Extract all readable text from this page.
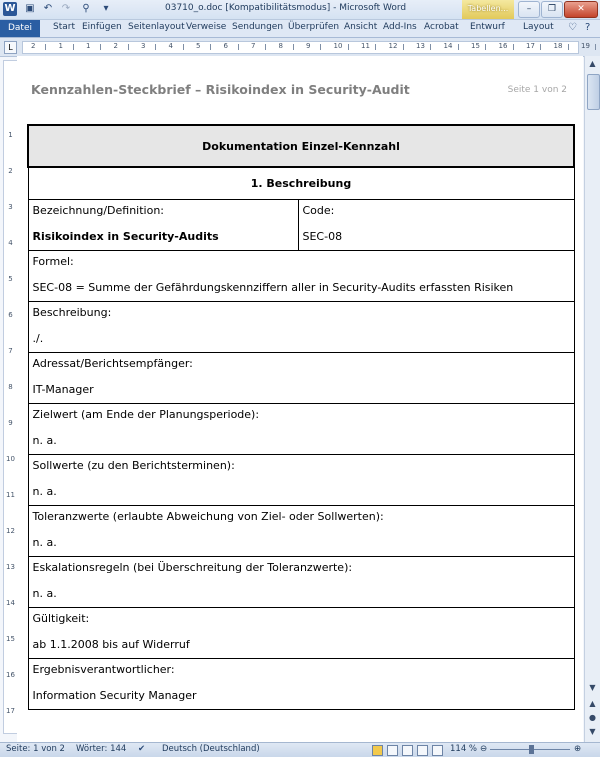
W ▣ ↶ ↷ ⚲	▾	03710_o.doc [Kompatibilitätsmodus] - Microsoft Word	Tabellen...	–	❐	✕
Datei	Start Einfügen Seitenlayout Verweise Sendungen Überprüfen Ansicht Add-Ins Acrobat Entwurf Layout ♡ ?
L	2	1	1	2	3	4	5	6	7	8	9	10	11	12	13	14	15	16	17	18	19
1
2
3
4
5
6
7
8
9
10
11
12
13
14
15
16
17
Kennzahlen-Steckbrief – Risikoindex in Security-Audit	Seite 1 von 2
Dokumentation Einzel-Kennzahl
1. Beschreibung

Bezeichnung/Definition:
Risikoindex in Security-Audits

Code:
SEC-08

Formel:
SEC-08 = Summe der Gefährdungskennziffern aller in Security-Audits erfassten Risiken

Beschreibung:
./.

Adressat/Berichtsempfänger:
IT-Manager

Zielwert (am Ende der Planungsperiode):
n. a.

Sollwerte (zu den Berichtsterminen):
n. a.

Toleranzwerte (erlaubte Abweichung von Ziel- oder Sollwerten):
n. a.

Eskalationsregeln (bei Überschreitung der Toleranzwerte):
n. a.

Gültigkeit:
ab 1.1.2008 bis auf Widerruf

Ergebnisverantwortlicher:
Information Security Manager
▲
▼
▲
●
▼
Seite: 1 von 2 Wörter: 144 ✔ Deutsch (Deutschland)	114 % ⊖	⊕
